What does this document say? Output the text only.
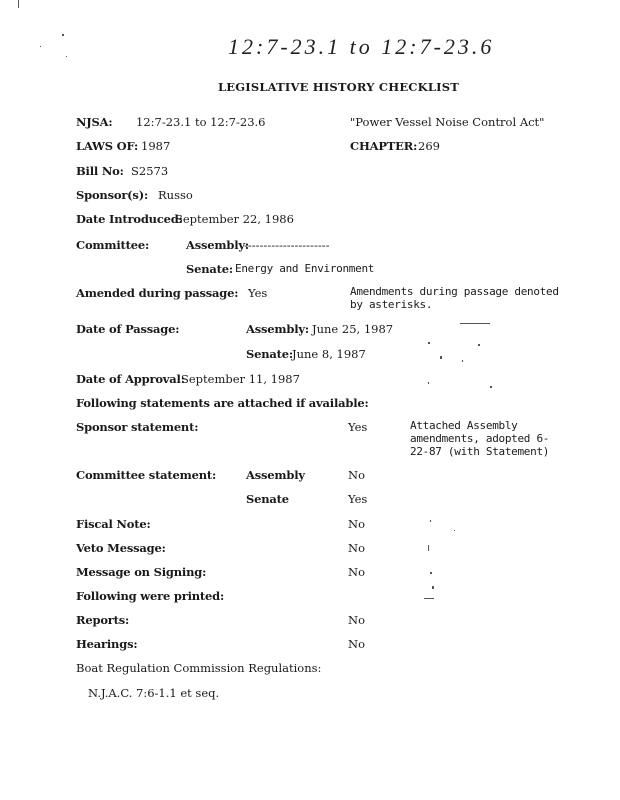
12:7-23.1 to 12:7-23.6
LEGISLATIVE HISTORY CHECKLIST
NJSA: 12:7-23.1 to 12:7-23.6	"Power Vessel Noise Control Act"
LAWS OF: 1987	CHAPTER: 269
Bill No: S2573
Sponsor(s): Russo
Date Introduced:
September 22, 1986
Committee:	Assembly:
----------------------
Senate: Energy and Environment
Amended during passage: Yes	Amendments during passage denoted by asterisks.
Date of Passage:	Assembly: June 25, 1987
Senate: June 8, 1987
Date of Approval:
September 11, 1987
Following statements are attached if available:
Sponsor statement:	Yes	Attached Assembly amendments, adopted 6-22-87 (with Statement)
Committee statement:	Assembly	No
Senate	Yes
Fiscal Note:	No
Veto Message:	No
Message on Signing:	No
Following were printed:
Reports:	No
Hearings:	No
Boat Regulation Commission Regulations:
N.J.A.C. 7:6-1.1 et seq.
